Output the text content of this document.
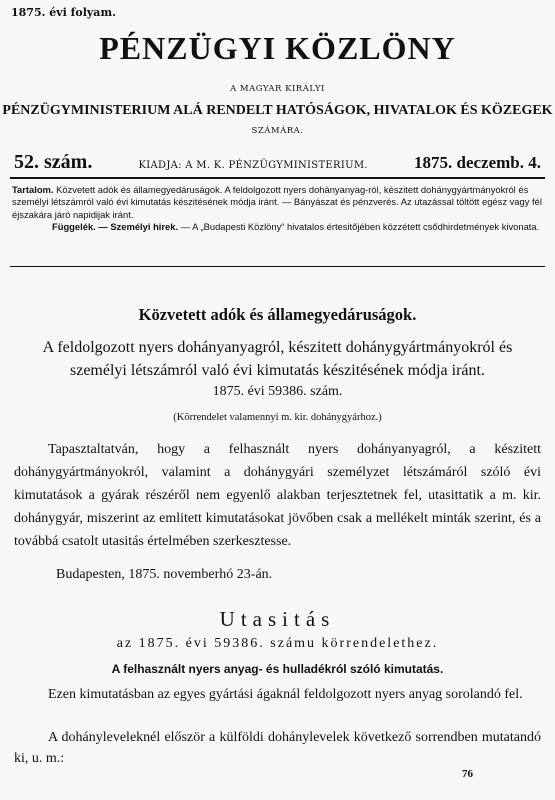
1875. évi folyam.
PÉNZÜGYI KÖZLÖNY
A MAGYAR KIRÁLYI
PÉNZÜGYMINISTERIUM ALÁ RENDELT HATÓSÁGOK, HIVATALOK ÉS KÖZEGEK
SZÁMÁRA.
52. szám.	KIADJA: A M. K. PÉNZÜGYMINISTERIUM.	1875. deczemb. 4.
Tartalom. Közvetett adók és államegyedáruságok. A feldolgozott nyers dohányanyag-ról, készitett dohánygyártmányokról és személyi létszámról való évi kimutatás készitésének módja iránt. — Bányászat és pénzverés. Az utazással töltött egész vagy fél éjszakára járó napidijak iránt.
Függelék. — Személyi hirek. — A „Budapesti Közlöny“ hivatalos értesitőjében közzétett csődhirdetmények kivonata.
Közvetett adók és államegyedáruságok.
A feldolgozott nyers dohányanyagról, készitett dohánygyártmányokról és személyi létszámról való évi kimutatás készitésének módja iránt.
1875. évi 59386. szám.
(Körrendelet valamennyi m. kir. dohánygyárhoz.)
Tapasztaltatván, hogy a felhasznált nyers dohányanyagról, a készitett dohánygyártmányokról, valamint a dohánygyári személyzet létszámáról szóló évi kimutatások a gyárak részéről nem egyenlő alakban terjesztetnek fel, utasittatik a m. kir. dohánygyár, miszerint az emlitett kimutatásokat jövőben csak a mellékelt minták szerint, és a továbbá csatolt utasitás értelmében szerkesztesse.
Budapesten, 1875. novemberhó 23-án.
Utasitás
az 1875. évi 59386. számu körrendelethez.
A felhasznált nyers anyag- és hulladékról szóló kimutatás.
Ezen kimutatásban az egyes gyártási ágaknál feldolgozott nyers anyag sorolandó fel.
A dohányleveleknél először a külföldi dohánylevelek következő sorrendben mutatandó ki, u. m.:
76
